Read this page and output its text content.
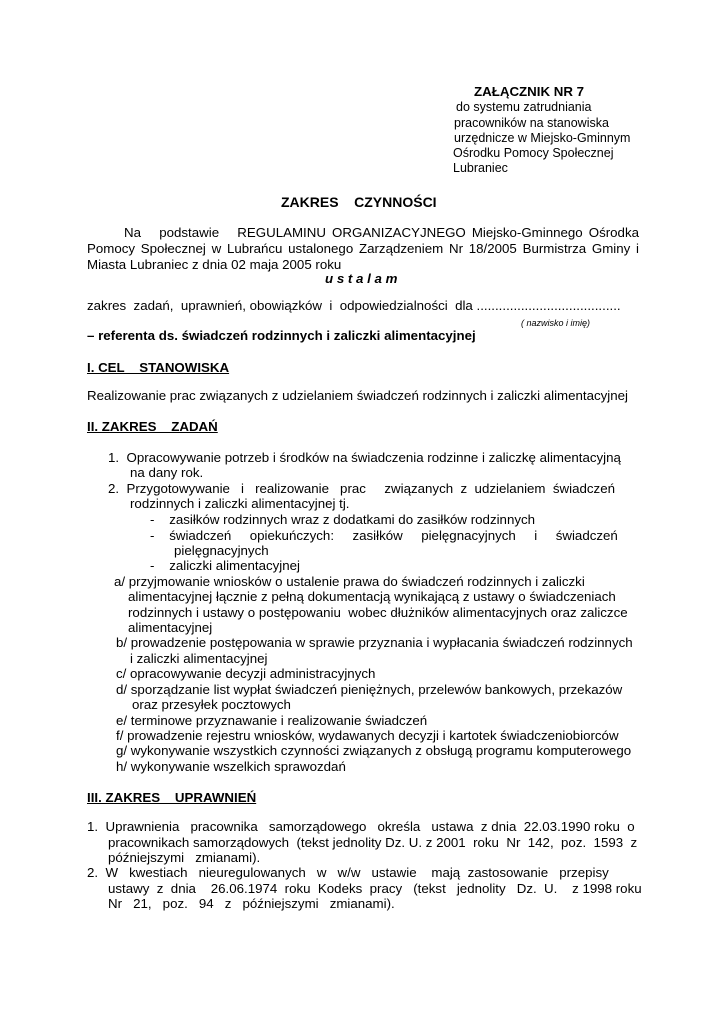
ZAŁĄCZNIK NR 7
do systemu zatrudniania
pracowników na stanowiska
urzędnicze w Miejsko-Gminnym
Ośrodku Pomocy Społecznej
Lubraniec
ZAKRES    CZYNNOŚCI
Na   podstawie   REGULAMINU ORGANIZACYJNEGO Miejsko-Gminnego Ośrodka
Pomocy Społecznej w Lubrańcu ustalonego Zarządzeniem Nr 18/2005 Burmistrza Gminy i
Miasta Lubraniec z dnia 02 maja 2005 roku
u s t a l a m
zakres  zadań,  uprawnień, obowiązków  i  odpowiedzialności  dla .......................................
( nazwisko i imię)
– referenta ds. świadczeń rodzinnych i zaliczki alimentacyjnej
I. CEL    STANOWISKA
Realizowanie prac związanych z udzielaniem świadczeń rodzinnych i zaliczki alimentacyjnej
II. ZAKRES    ZADAŃ
1.  Opracowywanie potrzeb i środków na świadczenia rodzinne i zaliczkę alimentacyjną
na dany rok.
2.  Przygotowywanie   i   realizowanie   prac     związanych  z  udzielaniem  świadczeń
rodzinnych i zaliczki alimentacyjnej tj.
-    zasiłków rodzinnych wraz z dodatkami do zasiłków rodzinnych
-    świadczeń     opiekuńczych:     zasiłków     pielęgnacyjnych     i     świadczeń
pielęgnacyjnych
-    zaliczki alimentacyjnej
a/ przyjmowanie wniosków o ustalenie prawa do świadczeń rodzinnych i zaliczki
alimentacyjnej łącznie z pełną dokumentacją wynikającą z ustawy o świadczeniach
rodzinnych i ustawy o postępowaniu  wobec dłużników alimentacyjnych oraz zaliczce
alimentacyjnej
b/ prowadzenie postępowania w sprawie przyznania i wypłacania świadczeń rodzinnych
i zaliczki alimentacyjnej
c/ opracowywanie decyzji administracyjnych
d/ sporządzanie list wypłat świadczeń pieniężnych, przelewów bankowych, przekazów
oraz przesyłek pocztowych
e/ terminowe przyznawanie i realizowanie świadczeń
f/ prowadzenie rejestru wniosków, wydawanych decyzji i kartotek świadczeniobiorców
g/ wykonywanie wszystkich czynności związanych z obsługą programu komputerowego
h/ wykonywanie wszelkich sprawozdań
III. ZAKRES    UPRAWNIEŃ
1.  Uprawnienia   pracownika   samorządowego   określa   ustawa  z dnia  22.03.1990 roku  o
pracownikach samorządowych  (tekst jednolity Dz. U. z 2001  roku  Nr  142,  poz.  1593  z
późniejszymi   zmianami).
2.  W   kwestiach   nieuregulowanych   w   w/w   ustawie    mają  zastosowanie   przepisy
ustawy  z  dnia    26.06.1974  roku  Kodeks  pracy   (tekst   jednolity   Dz.  U.    z 1998 roku
Nr   21,   poz.   94   z   późniejszymi   zmianami).
